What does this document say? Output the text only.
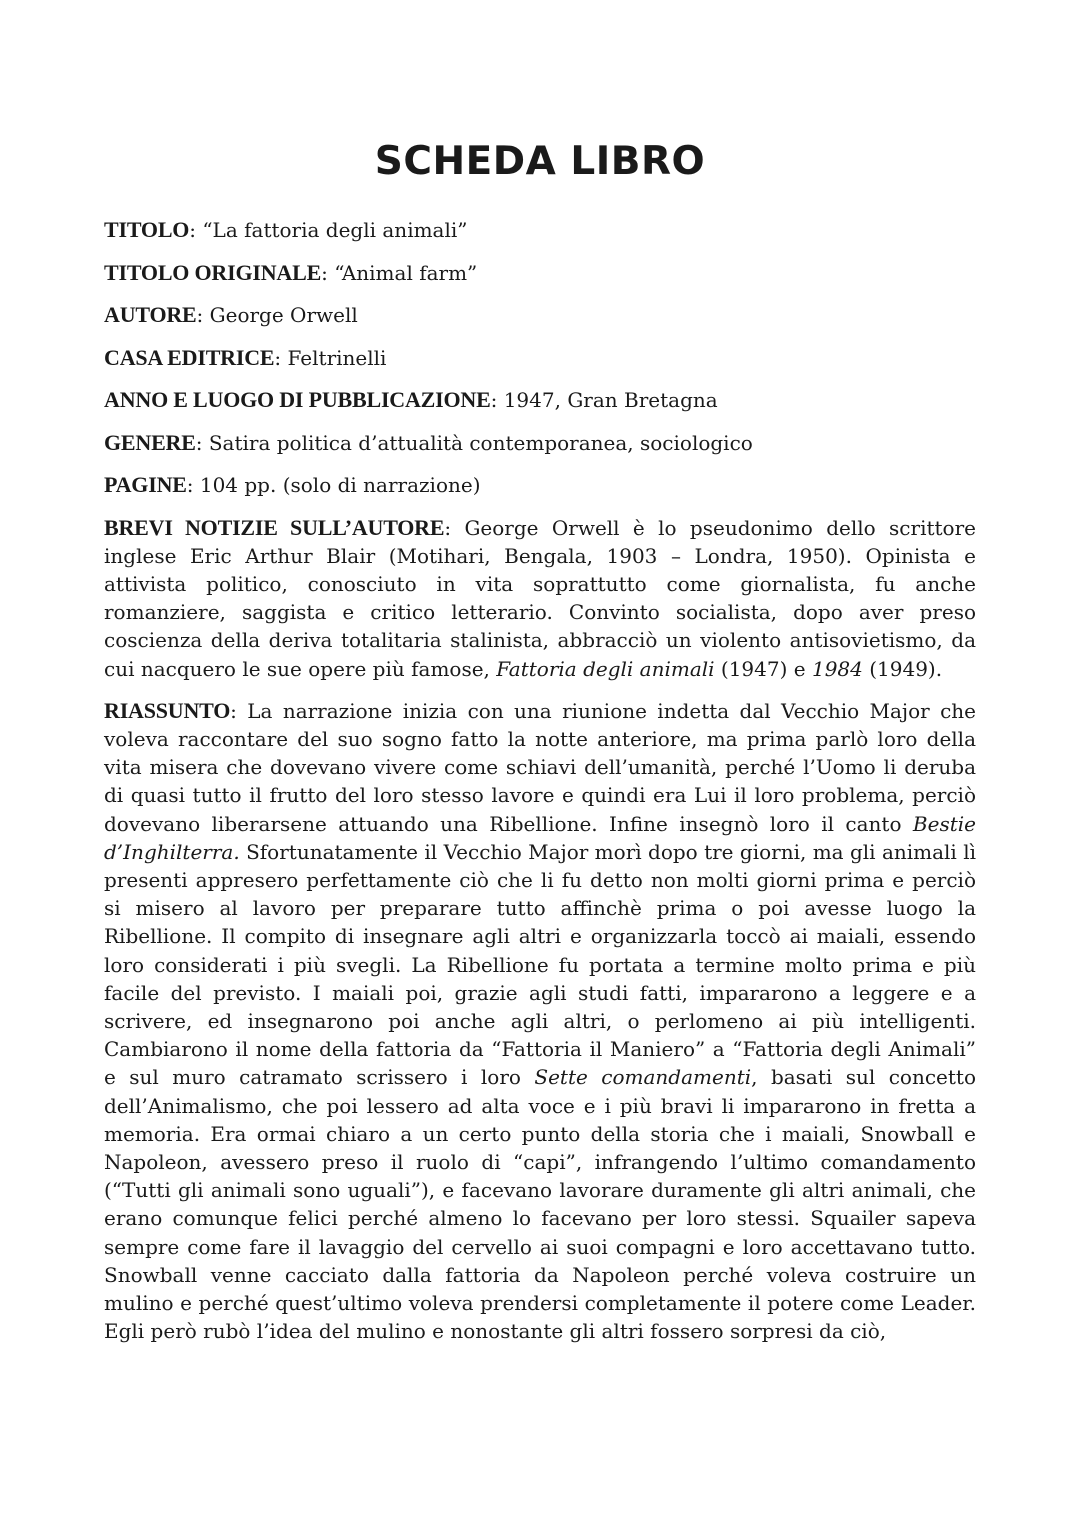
SCHEDA LIBRO
TITOLO: “La fattoria degli animali”
TITOLO ORIGINALE: “Animal farm”
AUTORE: George Orwell
CASA EDITRICE: Feltrinelli
ANNO E LUOGO DI PUBBLICAZIONE: 1947, Gran Bretagna
GENERE: Satira politica d’attualità contemporanea, sociologico
PAGINE: 104 pp. (solo di narrazione)

BREVI NOTIZIE SULL’AUTORE: George Orwell è lo pseudonimo dello scrittore inglese Eric Arthur Blair (Motihari, Bengala, 1903 – Londra, 1950). Opinista e attivista politico, conosciuto in vita soprattutto come giornalista, fu anche romanziere, saggista e critico letterario. Convinto socialista, dopo aver preso coscienza della deriva totalitaria stalinista, abbracciò un violento antisovietismo, da cui nacquero le sue opere più famose, Fattoria degli animali (1947) e 1984 (1949).

RIASSUNTO: La narrazione inizia con una riunione indetta dal Vecchio Major che voleva raccontare del suo sogno fatto la notte anteriore, ma prima parlò loro della vita misera che dovevano vivere come schiavi dell’umanità, perché l’Uomo li deruba di quasi tutto il frutto del loro stesso lavore e quindi era Lui il loro problema, perciò dovevano liberarsene attuando una Ribellione. Infine insegnò loro il canto Bestie d’Inghilterra. Sfortunatamente il Vecchio Major morì dopo tre giorni, ma gli animali lì presenti appresero perfettamente ciò che li fu detto non molti giorni prima e perciò si misero al lavoro per preparare tutto affinchè prima o poi avesse luogo la Ribellione. Il compito di insegnare agli altri e organizzarla toccò ai maiali, essendo loro considerati i più svegli. La Ribellione fu portata a termine molto prima e più facile del previsto. I maiali poi, grazie agli studi fatti, impararono a leggere e a scrivere, ed insegnarono poi anche agli altri, o perlomeno ai più intelligenti. Cambiarono il nome della fattoria da “Fattoria il Maniero” a “Fattoria degli Animali” e sul muro catramato scrissero i loro Sette comandamenti, basati sul concetto dell’Animalismo, che poi lessero ad alta voce e i più bravi li impararono in fretta a memoria. Era ormai chiaro a un certo punto della storia che i maiali, Snowball e Napoleon, avessero preso il ruolo di “capi”, infrangendo l’ultimo comandamento (“Tutti gli animali sono uguali”), e facevano lavorare duramente gli altri animali, che erano comunque felici perché almeno lo facevano per loro stessi. Squailer sapeva sempre come fare il lavaggio del cervello ai suoi compagni e loro accettavano tutto. Snowball venne cacciato dalla fattoria da Napoleon perché voleva costruire un mulino e perché quest’ultimo voleva prendersi completamente il potere come Leader. Egli però rubò l’idea del mulino e nonostante gli altri fossero sorpresi da ciò,
